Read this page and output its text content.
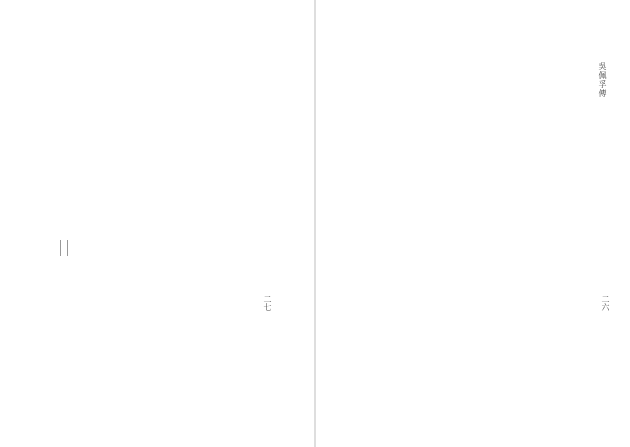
二七
吳佩孚傳
二六
